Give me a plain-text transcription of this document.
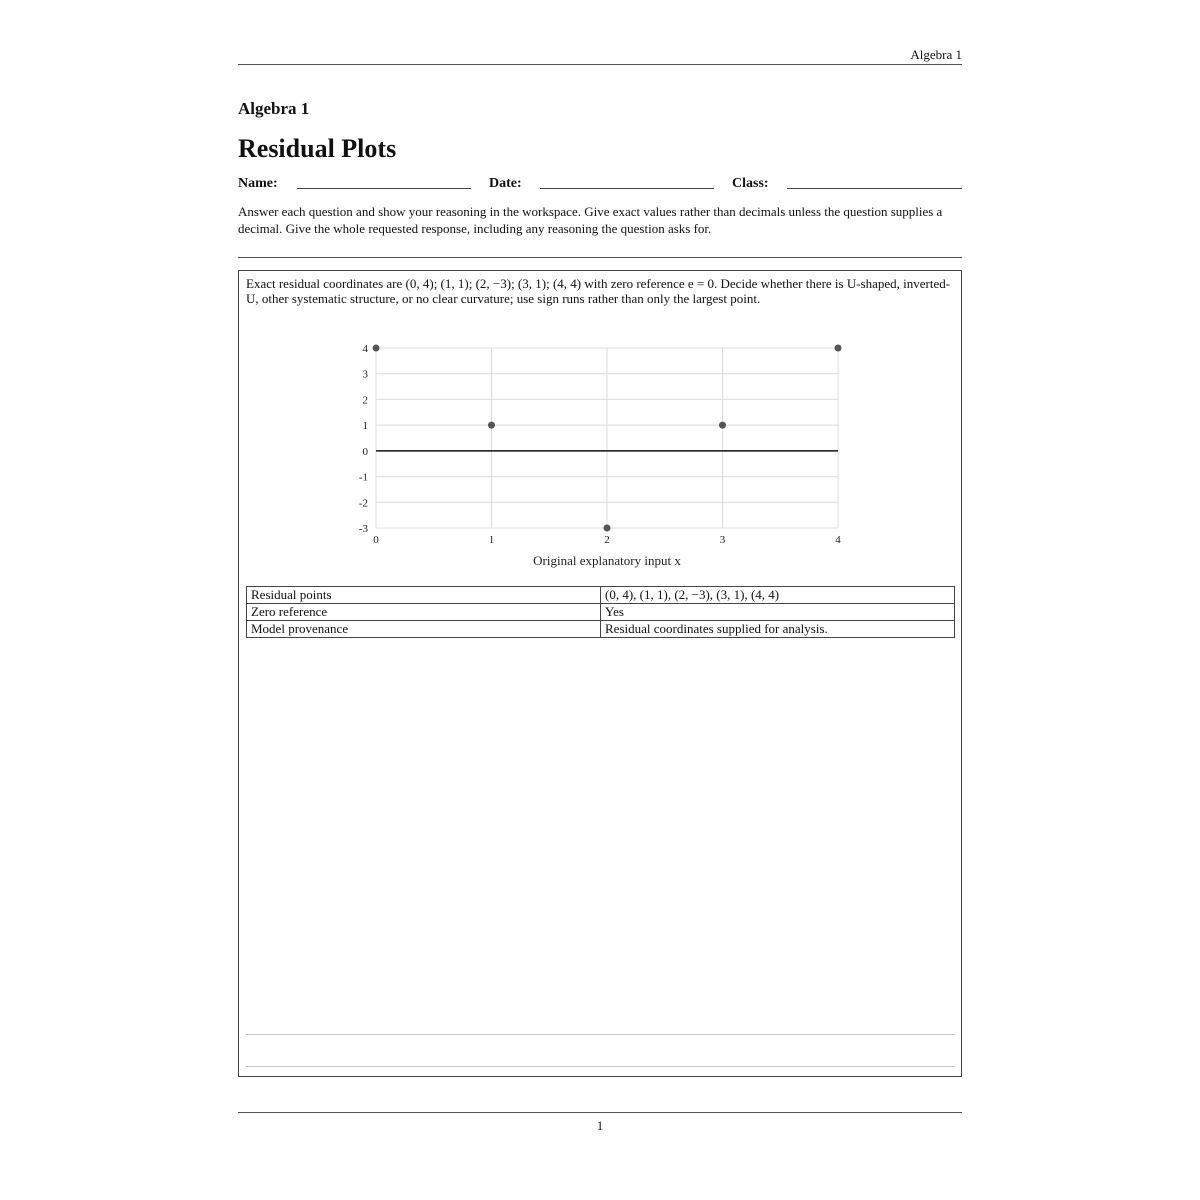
Algebra 1
Algebra 1
Residual Plots
Name:	Date:	Class:
Answer each question and show your reasoning in the workspace. Give exact values rather than decimals unless the question supplies a decimal. Give the whole requested response, including any reasoning the question asks for.
Exact residual coordinates are (0, 4); (1, 1); (2, −3); (3, 1); (4, 4) with zero reference e = 0. Decide whether there is U-shaped, inverted-U, other systematic structure, or no clear curvature; use sign runs rather than only the largest point.
-3
-2
-1
0
1
2
3
4
0	1	2	3	4
Original explanatory input x
Residual points	(0, 4), (1, 1), (2, −3), (3, 1), (4, 4)
Zero reference	Yes
Model provenance	Residual coordinates supplied for analysis.
1
